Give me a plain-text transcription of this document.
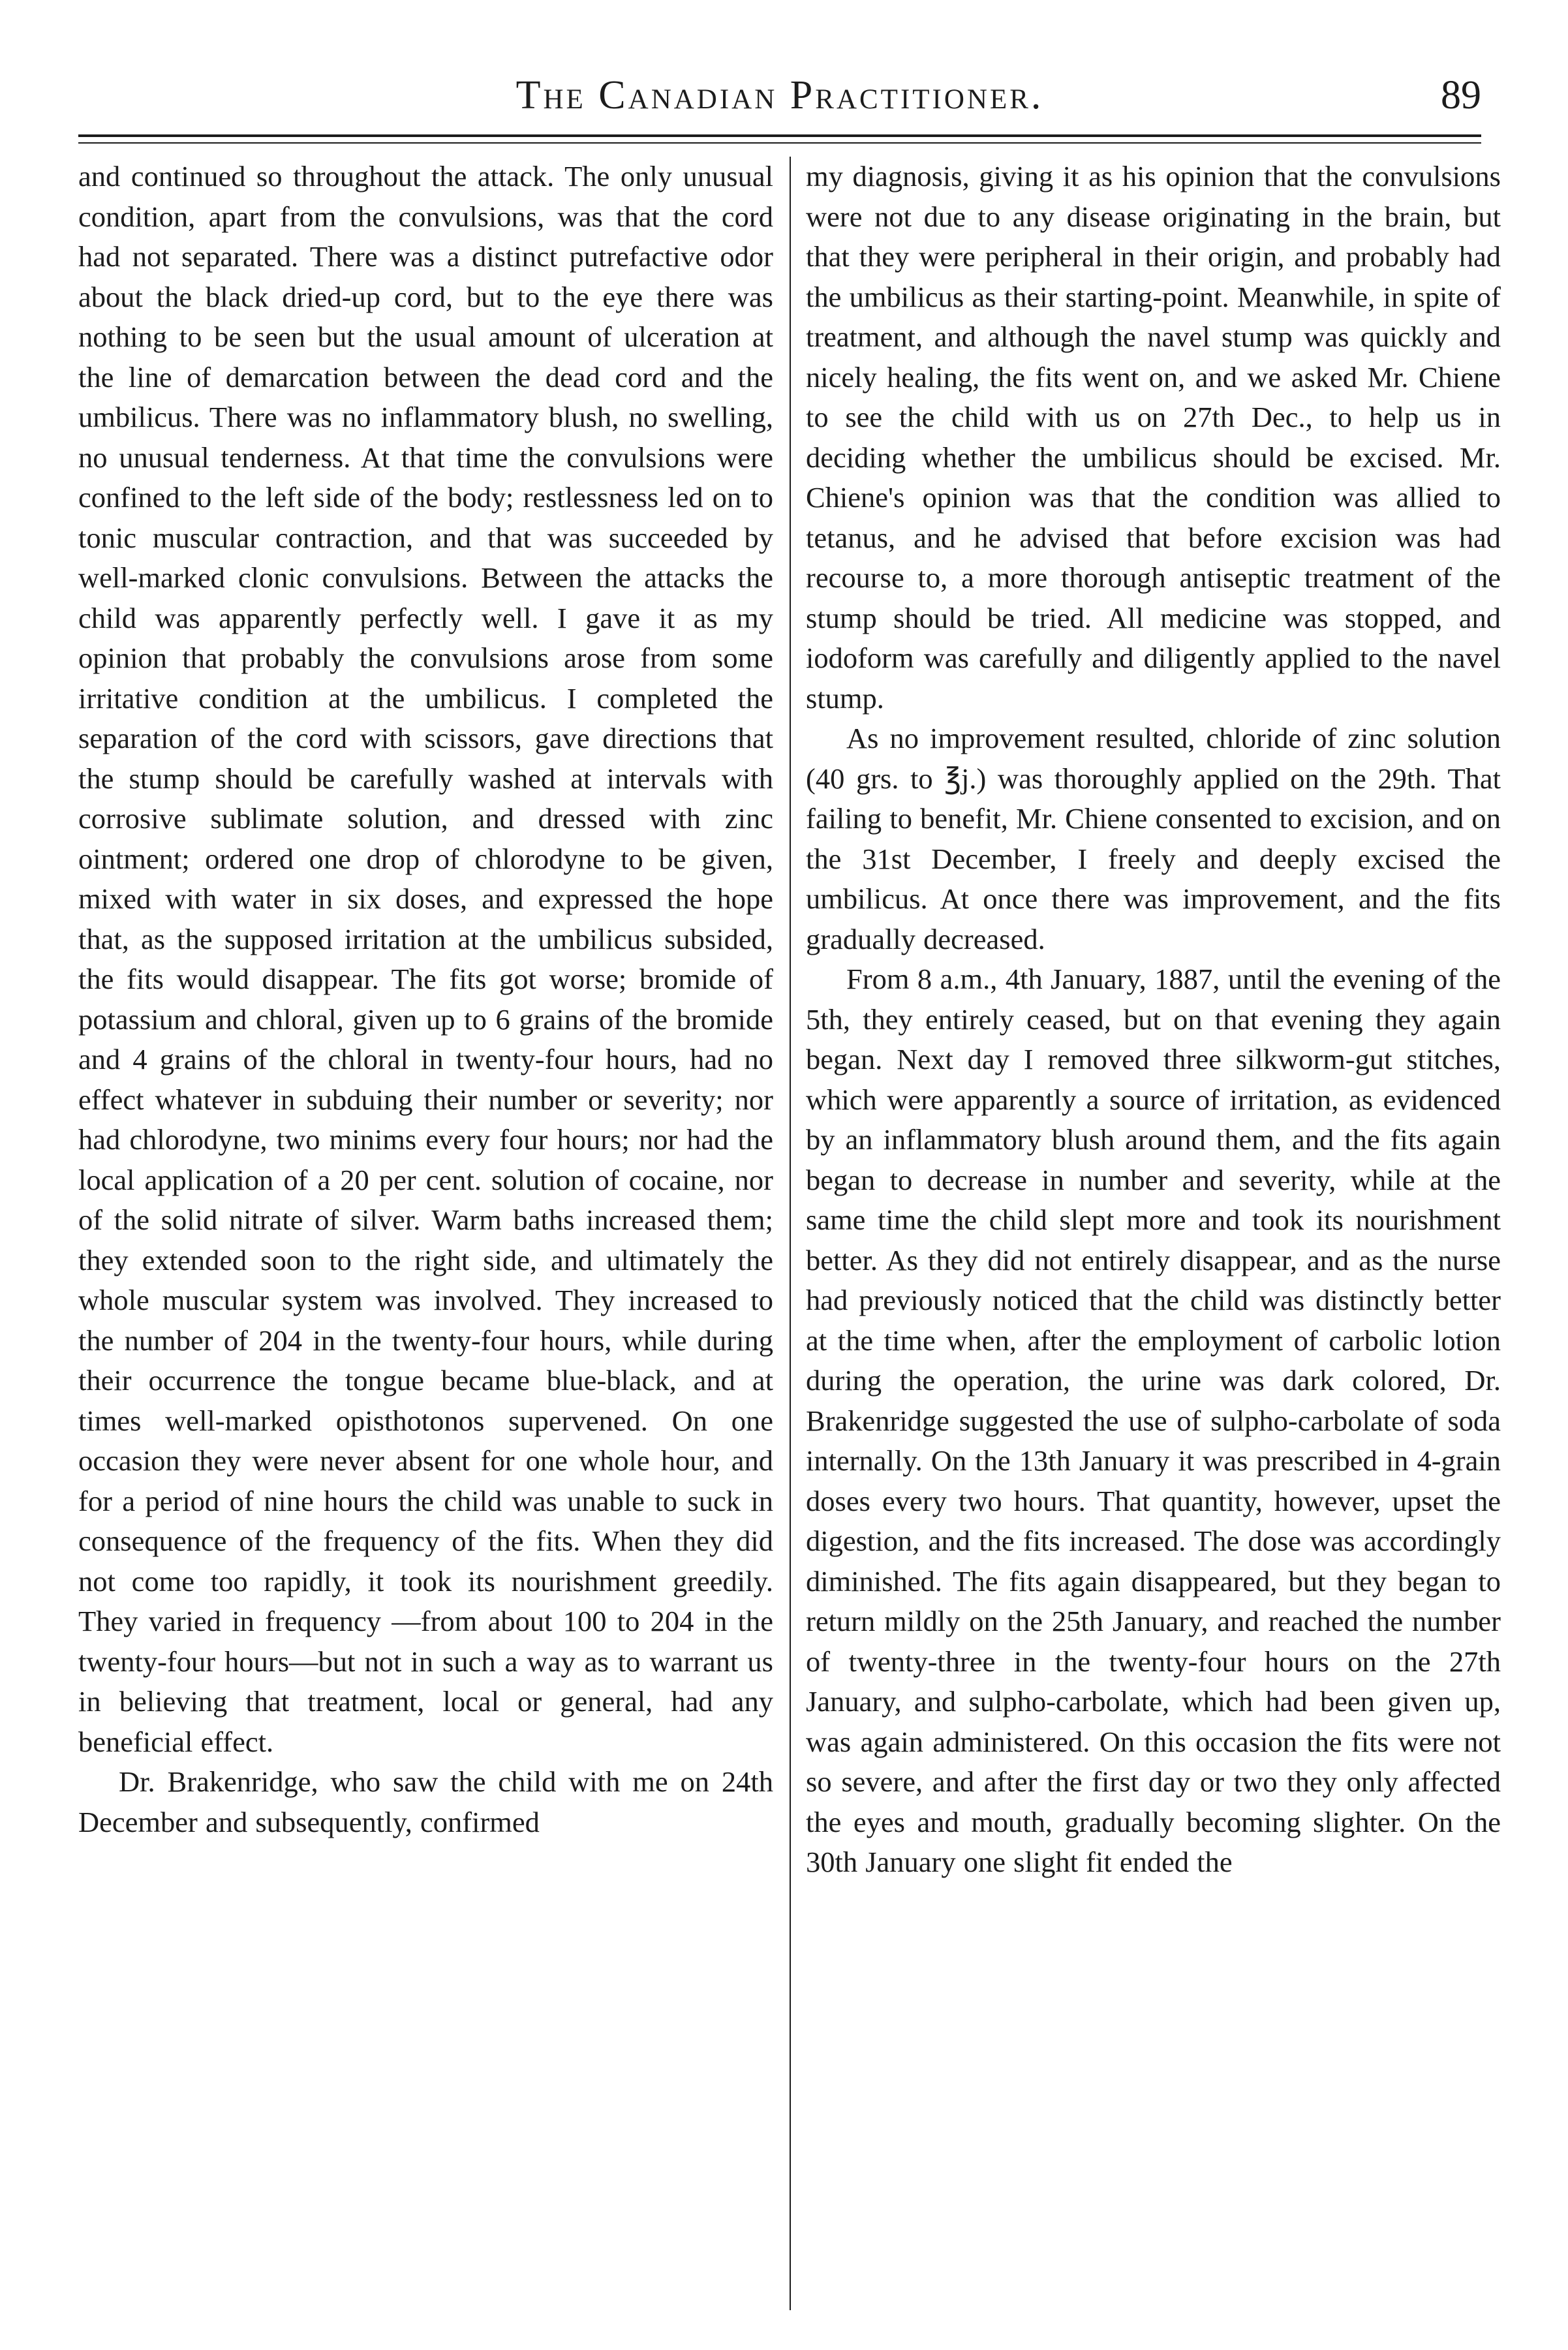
The Canadian Practitioner.	89

and continued so throughout the attack. The only unusual condition, apart from the convulsions, was that the cord had not separated. There was a distinct putrefactive odor about the black dried-up cord, but to the eye there was nothing to be seen but the usual amount of ulceration at the line of demarcation between the dead cord and the umbilicus. There was no inflammatory blush, no swelling, no unusual tenderness. At that time the convulsions were confined to the left side of the body; restlessness led on to tonic muscular contraction, and that was succeeded by well-marked clonic convulsions. Between the attacks the child was apparently perfectly well. I gave it as my opinion that probably the convulsions arose from some irritative condition at the umbilicus. I completed the separation of the cord with scissors, gave directions that the stump should be carefully washed at intervals with corrosive sublimate solution, and dressed with zinc ointment; ordered one drop of chlorodyne to be given, mixed with water in six doses, and expressed the hope that, as the supposed irritation at the umbilicus subsided, the fits would disappear. The fits got worse; bromide of potassium and chloral, given up to 6 grains of the bromide and 4 grains of the chloral in twenty-four hours, had no effect whatever in subduing their number or severity; nor had chlorodyne, two minims every four hours; nor had the local application of a 20 per cent. solution of cocaine, nor of the solid nitrate of silver. Warm baths increased them; they extended soon to the right side, and ultimately the whole muscular system was involved. They increased to the number of 204 in the twenty-four hours, while during their occurrence the tongue became blue-black, and at times well-marked opisthotonos supervened. On one occasion they were never absent for one whole hour, and for a period of nine hours the child was unable to suck in consequence of the frequency of the fits. When they did not come too rapidly, it took its nourishment greedily. They varied in frequency —from about 100 to 204 in the twenty-four hours—but not in such a way as to warrant us in believing that treatment, local or general, had any beneficial effect.

Dr. Brakenridge, who saw the child with me on 24th December and subsequently, confirmed

my diagnosis, giving it as his opinion that the convulsions were not due to any disease originating in the brain, but that they were peripheral in their origin, and probably had the umbilicus as their starting-point. Meanwhile, in spite of treatment, and although the navel stump was quickly and nicely healing, the fits went on, and we asked Mr. Chiene to see the child with us on 27th Dec., to help us in deciding whether the umbilicus should be excised. Mr. Chiene's opinion was that the condition was allied to tetanus, and he advised that before excision was had recourse to, a more thorough antiseptic treatment of the stump should be tried. All medicine was stopped, and iodoform was carefully and diligently applied to the navel stump.

As no improvement resulted, chloride of zinc solution (40 grs. to ℥j.) was thoroughly applied on the 29th. That failing to benefit, Mr. Chiene consented to excision, and on the 31st December, I freely and deeply excised the umbilicus. At once there was improvement, and the fits gradually decreased.

From 8 a.m., 4th January, 1887, until the evening of the 5th, they entirely ceased, but on that evening they again began. Next day I removed three silkworm-gut stitches, which were apparently a source of irritation, as evidenced by an inflammatory blush around them, and the fits again began to decrease in number and severity, while at the same time the child slept more and took its nourishment better. As they did not entirely disappear, and as the nurse had previously noticed that the child was distinctly better at the time when, after the employment of carbolic lotion during the operation, the urine was dark colored, Dr. Brakenridge suggested the use of sulpho-carbolate of soda internally. On the 13th January it was prescribed in 4-grain doses every two hours. That quantity, however, upset the digestion, and the fits increased. The dose was accordingly diminished. The fits again disappeared, but they began to return mildly on the 25th January, and reached the number of twenty-three in the twenty-four hours on the 27th January, and sulpho-carbolate, which had been given up, was again administered. On this occasion the fits were not so severe, and after the first day or two they only affected the eyes and mouth, gradually becoming slighter. On the 30th January one slight fit ended the
